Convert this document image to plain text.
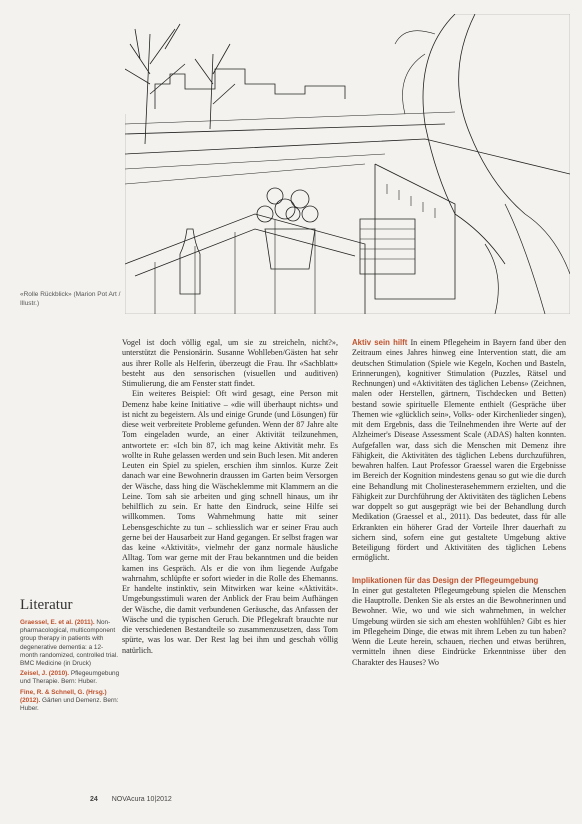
«Rolle Rückblick» (Marion Pot Art / Illustr.)

Vogel ist doch völlig egal, um sie zu streicheln, nicht?», unterstützt die Pensionärin. Susanne Wohlleben/Gästen hat sehr aus ihrer Rolle als Helferin, überzeugt die Frau. Ihr «Sachblatt» besteht aus den sensorischen (visuellen und auditiven) Stimulierung, die am Fenster statt findet.

Ein weiteres Beispiel: Oft wird gesagt, eine Person mit Demenz habe keine Initiative – «die will überhaupt nichts» und ist nicht zu begeistern. Als und einige Grunde (und Lösungen) für diese weit verbreitete Probleme gefunden. Wenn der 87 Jahre alte Tom eingeladen wurde, an einer Aktivität teilzunehmen, antwortete er: «Ich bin 87, ich mag keine Aktivität mehr. Es wollte in Ruhe gelassen werden und sein Buch lesen. Mit anderen Leuten ein Spiel zu spielen, erschien ihm sinnlos. Kurze Zeit danach war eine Bewohnerin draussen im Garten beim Versorgen der Wäsche, dass hing die Wäscheklemme mit Klammern an die Leine. Tom sah sie arbeiten und ging schnell hinaus, um ihr behilflich zu sein. Er hatte den Eindruck, seine Hilfe sei willkommen. Toms Wahrnehmung hatte mit seiner Lebensgeschichte zu tun – schliesslich war er seiner Frau auch gerne bei der Hausarbeit zur Hand gegangen. Er selbst fragen war das keine «Aktivität», vielmehr der ganz normale häusliche Alltag. Tom war gerne mit der Frau bekanntmen und die beiden kamen ins Gespräch. Als er die von ihm liegende Aufgabe wahrnahm, schlüpfte er sofort wieder in die Rolle des Ehemanns. Er handelte instinktiv, sein Mitwirken war keine «Aktivität». Umgebungsstimuli waren der Anblick der Frau beim Aufhängen der Wäsche, die damit verbundenen Geräusche, das Anfassen der Wäsche und die typischen Geruch. Die Pflegekraft brauchte nur die verschiedenen Bestandteile so zusammenzusetzen, dass Tom spürte, was los war. Der Rest lag bei ihm und geschah völlig natürlich.

Aktiv sein hilft In einem Pflegeheim in Bayern fand über den Zeitraum eines Jahres hinweg eine Intervention statt, die am deutschen Stimulation (Spiele wie Kegeln, Kochen und Basteln, Erinnerungen), kognitiver Stimulation (Puzzles, Rätsel und Rechnungen) und «Aktivitäten des täglichen Lebens» (Zeichnen, malen oder Herstellen, gärtnern, Tischdecken und Betten) bestand sowie spirituelle Elemente enthielt (Gespräche über Themen wie «glücklich sein», Volks- oder Kirchenlieder singen), mit dem Ergebnis, dass die Teilnehmenden ihre Werte auf der Alzheimer's Disease Assessment Scale (ADAS) halten konnten. Aufgefallen war, dass sich die Menschen mit Demenz ihre Fähigkeit, die Aktivitäten des täglichen Lebens durchzuführen, bewahren halfen. Laut Professor Graessel waren die Ergebnisse im Bereich der Kognition mindestens genau so gut wie die durch eine Behandlung mit Cholinesterasehemmern erzielten, und die Fähigkeit zur Durchführung der Aktivitäten des täglichen Lebens war doppelt so gut ausgeprägt wie bei der Behandlung durch Medikation (Graessel et al., 2011). Das bedeutet, dass für alle Erkrankten ein höherer Grad der Vorteile Ihrer dauerhaft zu sichern sind, sofern eine gut gestaltete Umgebung aktive Beteiligung fördert und Aktivitäten des täglichen Lebens ermöglicht.

Implikationen für das Design der Pflegeumgebung
In einer gut gestalteten Pflegeumgebung spielen die Menschen die Hauptrolle. Denken Sie als erstes an die Bewohnerinnen und Bewohner. Wie, wo und wie sich wahrnehmen, in welcher Umgebung würden sie sich am ehesten wohlfühlen? Gibt es hier im Pflegeheim Dinge, die etwas mit ihrem Leben zu tun haben? Wenn die Leute herein, schauen, riechen und etwas berühren, vermitteln ihnen diese Eindrücke Erkenntnisse über den Charakter des Hauses? Wo

Literatur
Graessel, E. et al. (2011). Non-pharmacological, multicomponent group therapy in patients with degenerative dementia: a 12-month randomized, controlled trial. BMC Medicine (in Druck)
Zeisel, J. (2010). Pflegeumgebung und Therapie. Bern: Huber.
Fine, R. & Schnell, G. (Hrsg.) (2012). Gärten und Demenz. Bern: Huber.
24 NOVAcura 10|2012
